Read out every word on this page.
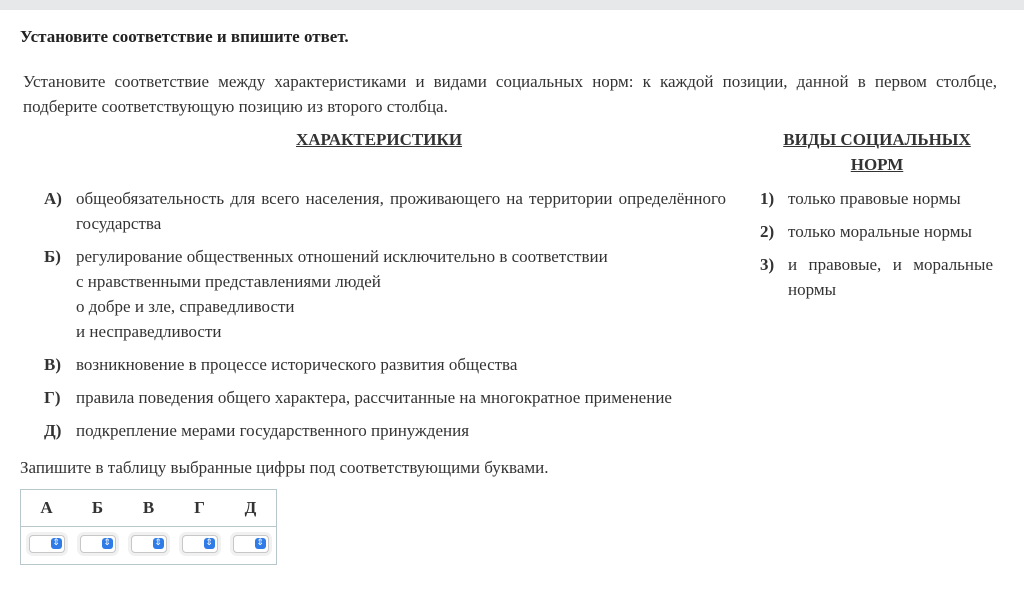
Установите соответствие и впишите ответ.
Установите соответствие между характеристиками и видами социальных норм: к каждой позиции, данной в первом столбце, подберите соответствующую позицию из второго столбца.
ХАРАКТЕРИСТИКИ	ВИДЫ СОЦИАЛЬНЫХ НОРМ
А) общеобязательность для всего населения, проживающего на территории определённого государства
Б) регулирование общественных отношений исключительно в соответствии
с нравственными представлениями людей
о добре и зле, справедливости
и несправедливости
В) возникновение в процессе исторического развития общества
Г) правила поведения общего характера, рассчитанные на многократное применение
Д) подкрепление мерами государственного принуждения
1) только правовые нормы
2) только моральные нормы
3) и правовые, и моральные нормы
Запишите в таблицу выбранные цифры под соответствующими буквами.
А	Б	В	Г	Д

⇕	⇕	⇕	⇕	⇕
